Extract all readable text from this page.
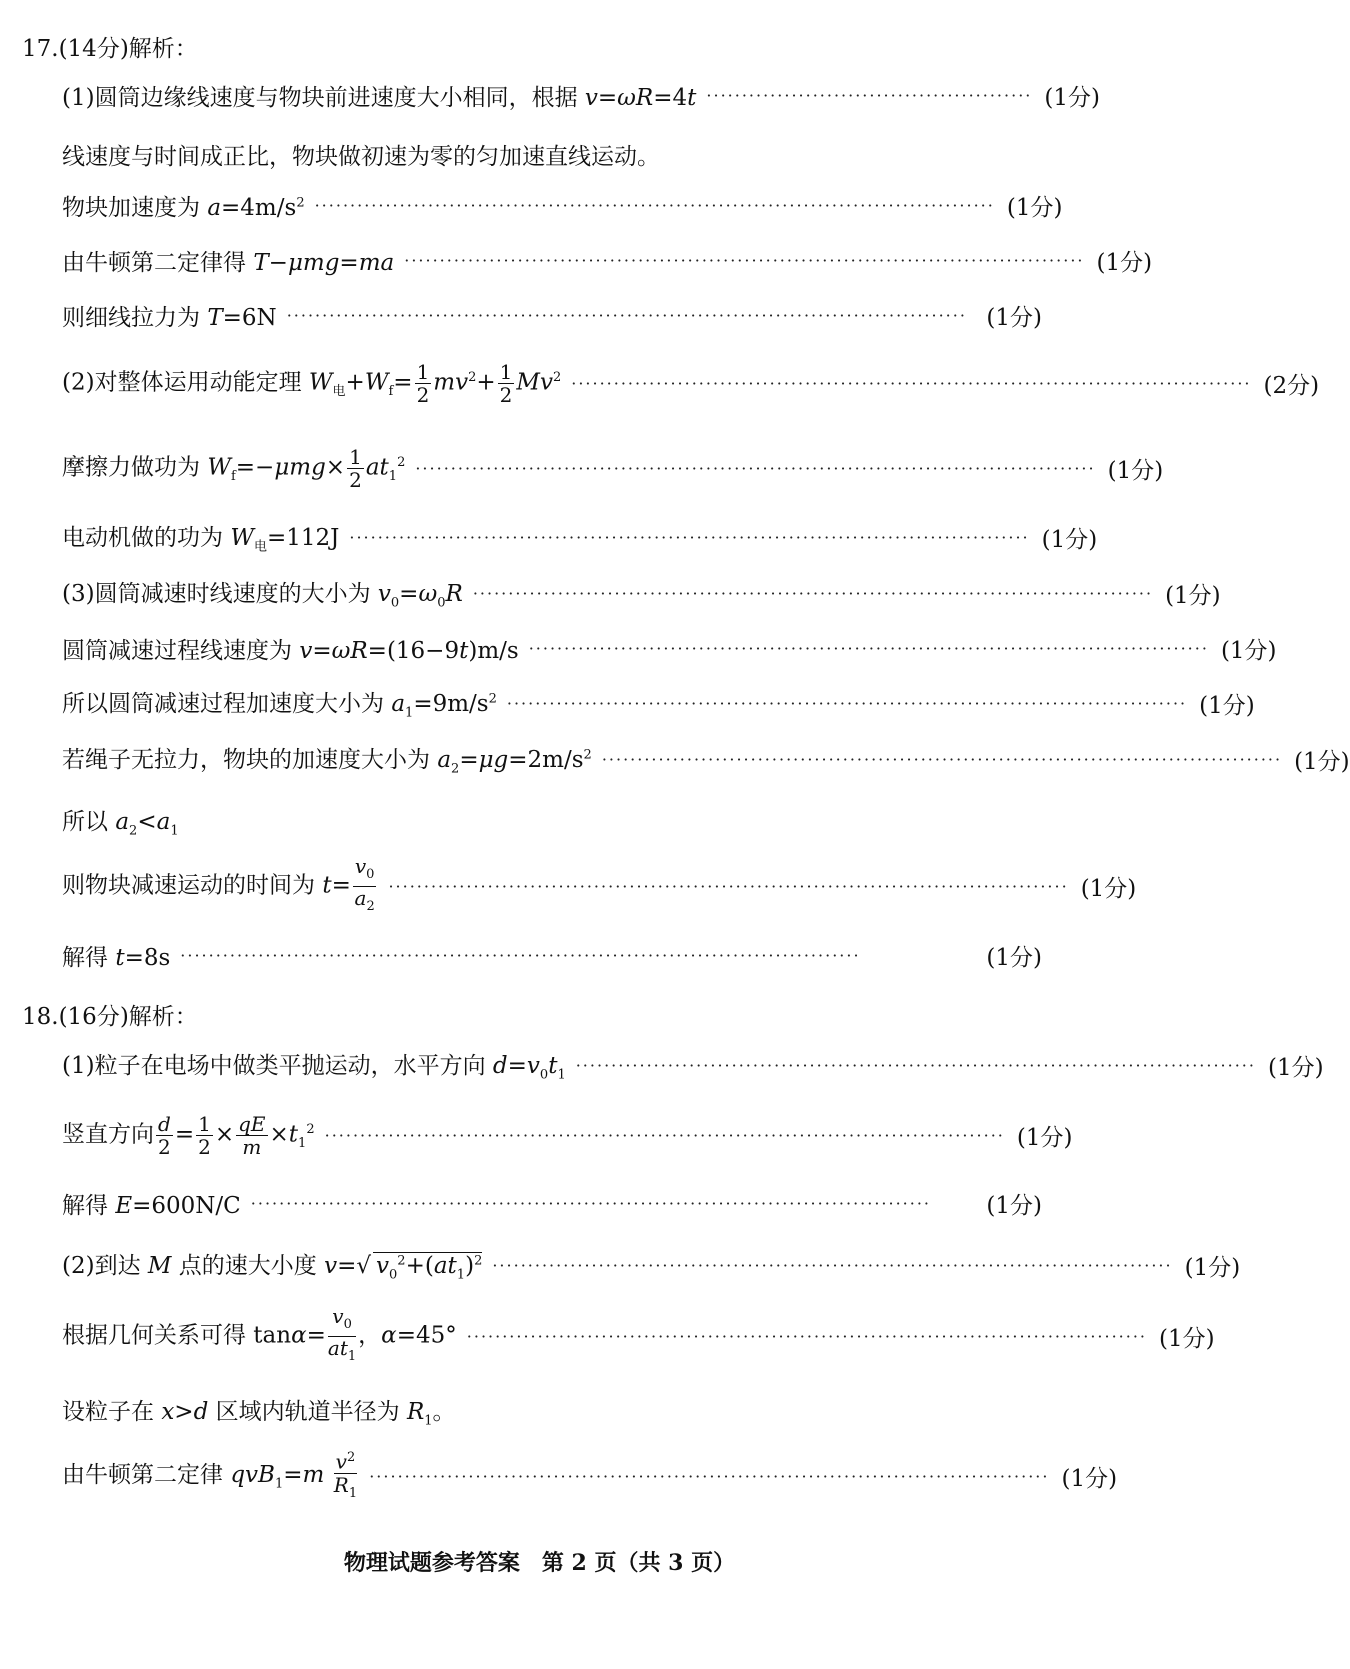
17.(14分)解析：
(1)圆筒边缘线速度与物块前进速度大小相同，根据 v=ωR=4t ·············································· (1分)
线速度与时间成正比，物块做初速为零的匀加速直线运动。
物块加速度为 $a=4m/s^2$ ································································································ (1分)
由牛顿第二定律得 T−μmg=ma ································································································ (1分)
则细线拉力为 T=6N ································································································ (1分)
(2)对整体运用动能定理 $W_电+W_f= \frac{1}{2} mv^2+ \frac{1}{2} Mv^2$ ································································································ (2分)
摩擦力做功为 $W_f=-\mu mg\times \frac{1}{2} at_1^2$ ································································································ (1分)
电动机做的功为 $W_电=112J$ ································································································ (1分)
(3)圆筒减速时线速度的大小为 $v_0=\omega_0R$ ································································································ (1分)
圆筒减速过程线速度为 v=ωR=(16−9t)m/s ································································································ (1分)
所以圆筒减速过程加速度大小为 $a_1=9m/s^2$ ································································································ (1分)
若绳子无拉力，物块的加速度大小为 $a_2=\mu g=2m/s^2$ ································································································ (1分)
所以 $a_2<a_1$
则物块减速运动的时间为 $t= \frac{v_0}{a_2}$ ································································································ (1分)
解得 t=8s ································································································	(1分)
18.(16分)解析：
(1)粒子在电场中做类平抛运动，水平方向 $d=v_0t_1$
································································································ (1分)
竖直方向 $\frac{d}{2} = \frac{1}{2} \times \frac{qE}{m} \times t_1^2$ ································································································ (1分)
解得 E=600N/C ································································································	(1分)
(2)到达 M 点的速大小度 v=√ $v_0^2+(at_1)^2$ ································································································ (1分)
根据几何关系可得 $\tan\alpha= \frac{v_0}{at_1}$ ，α=45° ································································································ (1分)
设粒子在 x>d 区域内轨道半径为 $R_1$。
由牛顿第二定律 $qvB_1=m \frac{v^2}{R_1}$ ································································································ (1分)
物理试题参考答案　第 2 页（共 3 页）
